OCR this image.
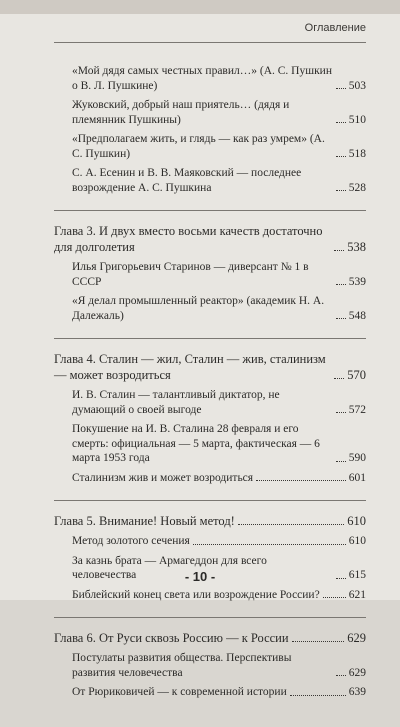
Оглавление
«Мой дядя самых честных правил…» (А. С. Пушкин о В. Л. Пушкине)	503
Жуковский, добрый наш приятель… (дядя и племянник Пушкины)	510
«Предполагаем жить, и глядь — как раз умрем» (А. С. Пушкин)	518
С. А. Есенин и В. В. Маяковский — последнее возрождение А. С. Пушкина	528
Глава 3. И двух вместо восьми качеств достаточно для долголетия	538
Илья Григорьевич Старинов — диверсант № 1 в СССР	539
«Я делал промышленный реактор» (академик Н. А. Далежаль)	548
Глава 4. Сталин — жил, Сталин — жив, сталинизм — может возродиться	570
И. В. Сталин — талантливый диктатор, не думающий о своей выгоде	572
Покушение на И. В. Сталина 28 февраля и его смерть: официальная — 5 марта, фактическая — 6 марта 1953 года	590
Сталинизм жив и может возродиться	601
Глава 5. Внимание! Новый метод!	610
Метод золотого сечения	610
За казнь брата — Армагеддон для всего человечества	615
Библейский конец света или возрождение России?	621
Глава 6. От Руси сквозь Россию — к России	629
Постулаты развития общества. Перспективы развития человечества	629
От Рюриковичей — к современной истории	639
- 10 -
